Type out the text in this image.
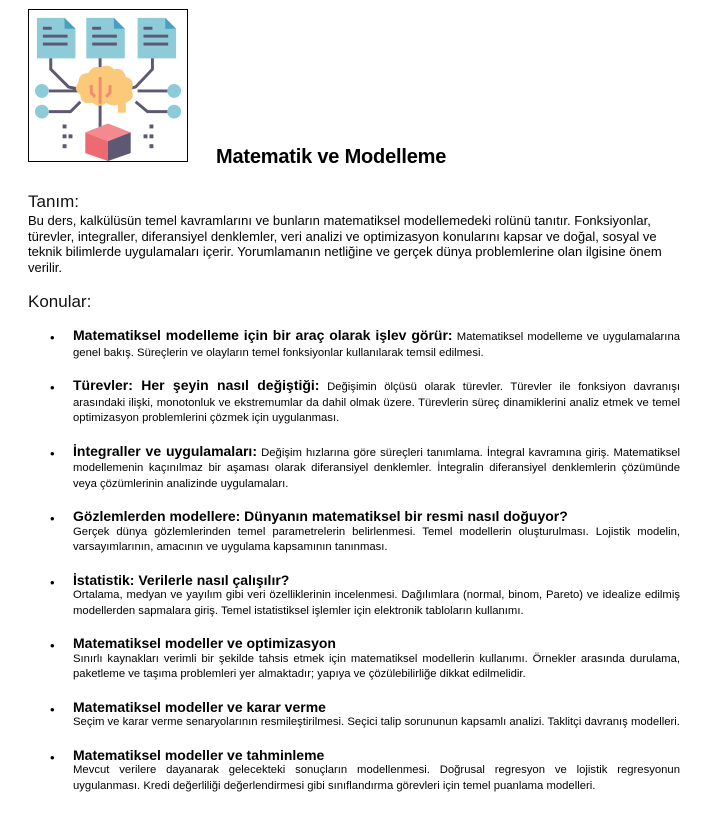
Matematik ve Modelleme
Tanım:
Bu ders, kalkülüsün temel kavramlarını ve bunların matematiksel modellemedeki rolünü tanıtır. Fonksiyonlar, türevler, integraller, diferansiyel denklemler, veri analizi ve optimizasyon konularını kapsar ve doğal, sosyal ve teknik bilimlerde uygulamaları içerir. Yorumlamanın netliğine ve gerçek dünya problemlerine olan ilgisine önem verilir.
Konular:
• Matematiksel modelleme için bir araç olarak işlev görür: Matematiksel modelleme ve uygulamalarına genel bakış. Süreçlerin ve olayların temel fonksiyonlar kullanılarak temsil edilmesi.
• Türevler: Her şeyin nasıl değiştiği: Değişimin ölçüsü olarak türevler. Türevler ile fonksiyon davranışı arasındaki ilişki, monotonluk ve ekstremumlar da dahil olmak üzere. Türevlerin süreç dinamiklerini analiz etmek ve temel optimizasyon problemlerini çözmek için uygulanması.
• İntegraller ve uygulamaları: Değişim hızlarına göre süreçleri tanımlama. İntegral kavramına giriş. Matematiksel modellemenin kaçınılmaz bir aşaması olarak diferansiyel denklemler. İntegralin diferansiyel denklemlerin çözümünde veya çözümlerinin analizinde uygulamaları.
• Gözlemlerden modellere: Dünyanın matematiksel bir resmi nasıl doğuyor?
Gerçek dünya gözlemlerinden temel parametrelerin belirlenmesi. Temel modellerin oluşturulması. Lojistik modelin, varsayımlarının, amacının ve uygulama kapsamının tanınması.
• İstatistik: Verilerle nasıl çalışılır?
Ortalama, medyan ve yayılım gibi veri özelliklerinin incelenmesi. Dağılımlara (normal, binom, Pareto) ve idealize edilmiş modellerden sapmalara giriş. Temel istatistiksel işlemler için elektronik tabloların kullanımı.
• Matematiksel modeller ve optimizasyon
Sınırlı kaynakları verimli bir şekilde tahsis etmek için matematiksel modellerin kullanımı. Örnekler arasında durulama, paketleme ve taşıma problemleri yer almaktadır; yapıya ve çözülebilirliğe dikkat edilmelidir.
• Matematiksel modeller ve karar verme
Seçim ve karar verme senaryolarının resmileştirilmesi. Seçici talip sorununun kapsamlı analizi. Taklitçi davranış modelleri.
• Matematiksel modeller ve tahminleme
Mevcut verilere dayanarak gelecekteki sonuçların modellenmesi. Doğrusal regresyon ve lojistik regresyonun uygulanması. Kredi değerliliği değerlendirmesi gibi sınıflandırma görevleri için temel puanlama modelleri.
